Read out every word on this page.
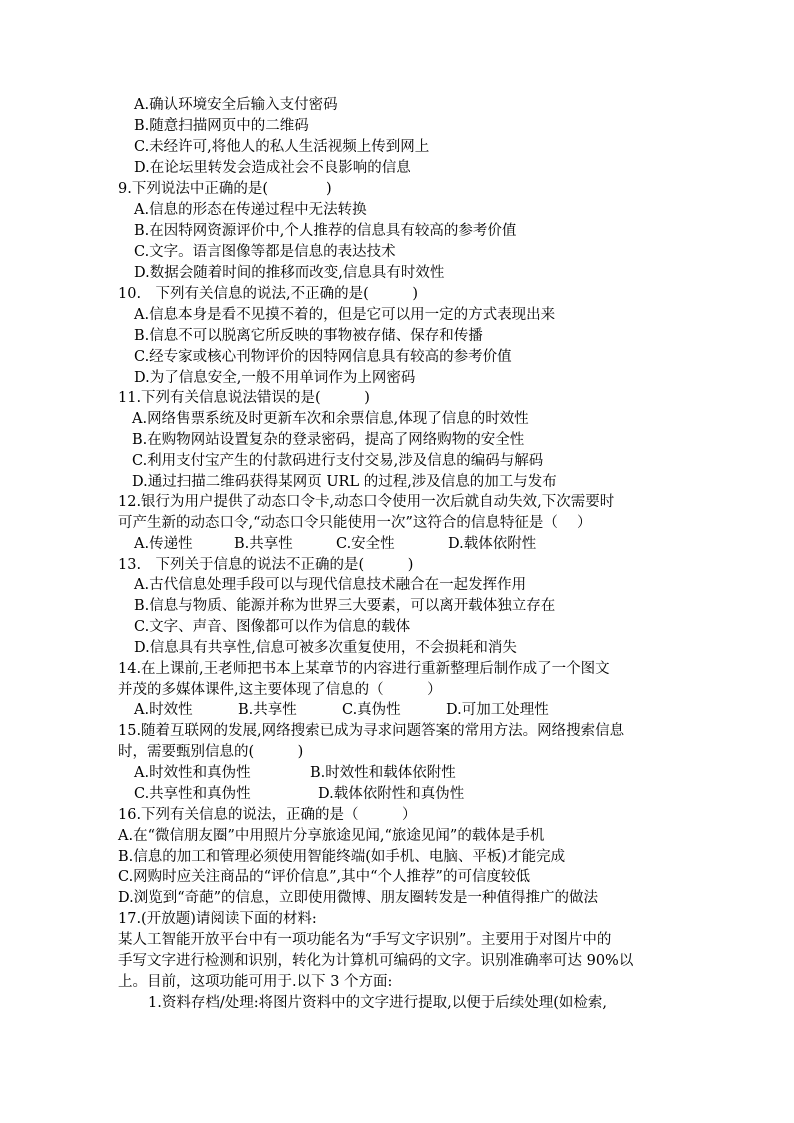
A.确认环境安全后输入支付密码
B.随意扫描网页中的二维码
C.未经许可,将他人的私人生活视频上传到网上
D.在论坛里转发会造成社会不良影响的信息
9.下列说法中正确的是(　　　　)
A.信息的形态在传递过程中无法转换
B.在因特网资源评价中,个人推荐的信息具有较高的参考价值
C.文字。语言图像等都是信息的表达技术
D.数据会随着时间的推移而改变,信息具有时效性
10.　下列有关信息的说法,不正确的是(　　　)
A.信息本身是看不见摸不着的，但是它可以用一定的方式表现出来
B.信息不可以脱离它所反映的事物被存储、保存和传播
C.经专家或核心刊物评价的因特网信息具有较高的参考价值
D.为了信息安全,一般不用单词作为上网密码
11.下列有关信息说法错误的是(　　　)
A.网络售票系统及时更新车次和余票信息,体现了信息的时效性
B.在购物网站设置复杂的登录密码，提高了网络购物的安全性
C.利用支付宝产生的付款码进行支付交易,涉及信息的编码与解码
D.通过扫描二维码获得某网页 URL 的过程,涉及信息的加工与发布
12.银行为用户提供了动态口令卡,动态口令使用一次后就自动失效,下次需要时
可产生新的动态口令,“动态口令只能使用一次”这符合的信息特征是（　 ）
A.传递性	B.共享性	C.安全性	D.载体依附性
13.　下列关于信息的说法不正确的是(　　　)
A.古代信息处理手段可以与现代信息技术融合在一起发挥作用
B.信息与物质、能源并称为世界三大要素，可以离开载体独立存在
C.文字、声音、图像都可以作为信息的载体
D.信息具有共享性,信息可被多次重复使用，不会损耗和消失
14.在上课前,王老师把书本上某章节的内容进行重新整理后制作成了一个图文
并茂的多媒体课件,这主要体现了信息的（　　　）
A.时效性	B.共享性	C.真伪性	D.可加工处理性
15.随着互联网的发展,网络搜索已成为寻求问题答案的常用方法。网络搜索信息
时，需要甄别信息的(　　　)
A.时效性和真伪性	B.时效性和载体依附性
C.共享性和真伪性	D.载体依附性和真伪性
16.下列有关信息的说法，正确的是（　　　）
A.在“微信朋友圈”中用照片分享旅途见闻,“旅途见闻”的载体是手机
B.信息的加工和管理必须使用智能终端(如手机、电脑、平板)才能完成
C.网购时应关注商品的“评价信息”,其中“个人推荐”的可信度较低
D.浏览到“奇葩”的信息，立即使用微博、朋友圈转发是一种值得推广的做法
17.(开放题)请阅读下面的材料:
某人工智能开放平台中有一项功能名为“手写文字识别”。主要用于对图片中的
手写文字进行检测和识别，转化为计算机可编码的文字。识别准确率可达 90%以
上。目前，这项功能可用于.以下 3 个方面:
1.资料存档/处理:将图片资料中的文字进行提取,以便于后续处理(如检索,
